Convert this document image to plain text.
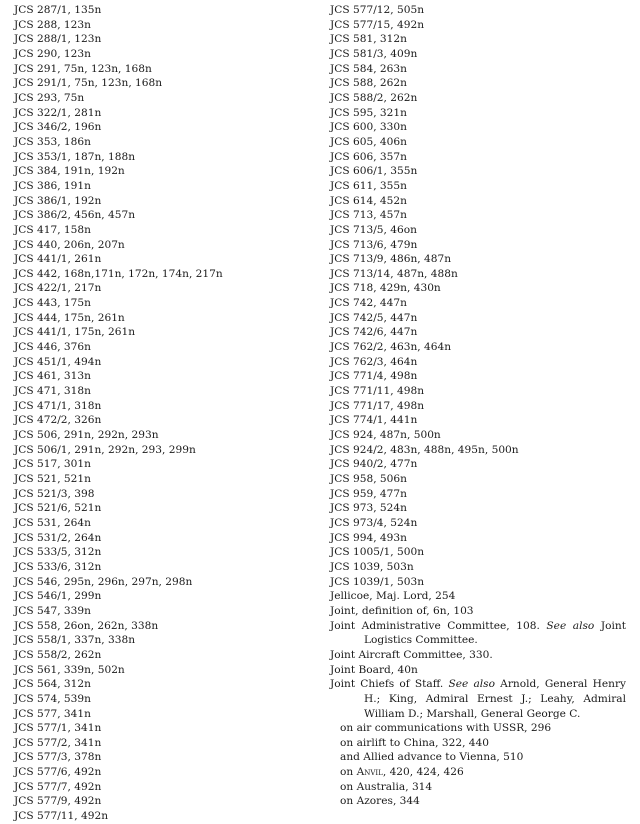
JCS 287/1, 135n
JCS 288, 123n
JCS 288/1, 123n
JCS 290, 123n
JCS 291, 75n, 123n, 168n
JCS 291/1, 75n, 123n, 168n
JCS 293, 75n
JCS 322/1, 281n
JCS 346/2, 196n
JCS 353, 186n
JCS 353/1, 187n, 188n
JCS 384, 191n, 192n
JCS 386, 191n
JCS 386/1, 192n
JCS 386/2, 456n, 457n
JCS 417, 158n
JCS 440, 206n, 207n
JCS 441/1, 261n
JCS 442, 168n,171n, 172n, 174n, 217n
JCS 422/1, 217n
JCS 443, 175n
JCS 444, 175n, 261n
JCS 441/1, 175n, 261n
JCS 446, 376n
JCS 451/1, 494n
JCS 461, 313n
JCS 471, 318n
JCS 471/1, 318n
JCS 472/2, 326n
JCS 506, 291n, 292n, 293n
JCS 506/1, 291n, 292n, 293, 299n
JCS 517, 301n
JCS 521, 521n
JCS 521/3, 398
JCS 521/6, 521n
JCS 531, 264n
JCS 531/2, 264n
JCS 533/5, 312n
JCS 533/6, 312n
JCS 546, 295n, 296n, 297n, 298n
JCS 546/1, 299n
JCS 547, 339n
JCS 558, 26on, 262n, 338n
JCS 558/1, 337n, 338n
JCS 558/2, 262n
JCS 561, 339n, 502n
JCS 564, 312n
JCS 574, 539n
JCS 577, 341n
JCS 577/1, 341n
JCS 577/2, 341n
JCS 577/3, 378n
JCS 577/6, 492n
JCS 577/7, 492n
JCS 577/9, 492n
JCS 577/11, 492n
JCS 577/12, 505n
JCS 577/15, 492n
JCS 581, 312n
JCS 581/3, 409n
JCS 584, 263n
JCS 588, 262n
JCS 588/2, 262n
JCS 595, 321n
JCS 600, 330n
JCS 605, 406n
JCS 606, 357n
JCS 606/1, 355n
JCS 611, 355n
JCS 614, 452n
JCS 713, 457n
JCS 713/5, 46on
JCS 713/6, 479n
JCS 713/9, 486n, 487n
JCS 713/14, 487n, 488n
JCS 718, 429n, 430n
JCS 742, 447n
JCS 742/5, 447n
JCS 742/6, 447n
JCS 762/2, 463n, 464n
JCS 762/3, 464n
JCS 771/4, 498n
JCS 771/11, 498n
JCS 771/17, 498n
JCS 774/1, 441n
JCS 924, 487n, 500n
JCS 924/2, 483n, 488n, 495n, 500n
JCS 940/2, 477n
JCS 958, 506n
JCS 959, 477n
JCS 973, 524n
JCS 973/4, 524n
JCS 994, 493n
JCS 1005/1, 500n
JCS 1039, 503n
JCS 1039/1, 503n
Jellicoe, Maj. Lord, 254
Joint, definition of, 6n, 103
Joint Administrative Committee, 108. See also Joint Logistics Committee.
Joint Aircraft Committee, 330.
Joint Board, 40n
Joint Chiefs of Staff. See also Arnold, General Henry H.; King, Admiral Ernest J.; Leahy, Admiral William D.; Marshall, General George C.
on air communications with USSR, 296
on airlift to China, 322, 440
and Allied advance to Vienna, 510
on Anvil, 420, 424, 426
on Australia, 314
on Azores, 344
